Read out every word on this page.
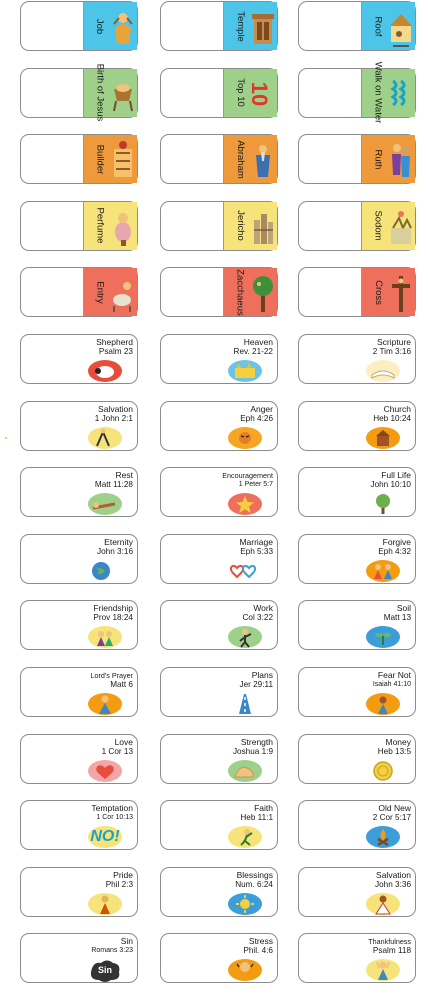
Job	Temple	Roof
Birth of Jesus	Top 10 10	Walk on Water
Builder	Abraham	Ruth
Perfume	Jericho	Sodom
Entry	Zacchaeus	Cross
Shepherd
Psalm 23
Heaven
Rev. 21-22
Scripture
2 Tim 3:16
Salvation
1 John 2:1
Anger
Eph 4:26
Church
Heb 10:24
Rest
Matt 11:28
Encouragement
1 Peter 5:7
Full Life
John 10:10
Eternity
John 3:16
Marriage
Eph 5:33
Forgive
Eph 4:32
Friendship
Prov 18:24
Work
Col 3:22
Soil
Matt 13
Lord's Prayer
Matt 6
Plans
Jer 29:11
Fear Not
Isaiah 41:10
Love
1 Cor 13
Strength
Joshua 1:9
Money
Heb 13:5
Temptation
1 Cor 10:13
NO!
Faith
Heb 11:1
Old New
2 Cor 5:17
Pride
Phil 2:3
Blessings
Num. 6:24
Salvation
John 3:36
Sin
Romans 3:23
Sin
Stress
Phil. 4:6
Thankfulness
Psalm 118
